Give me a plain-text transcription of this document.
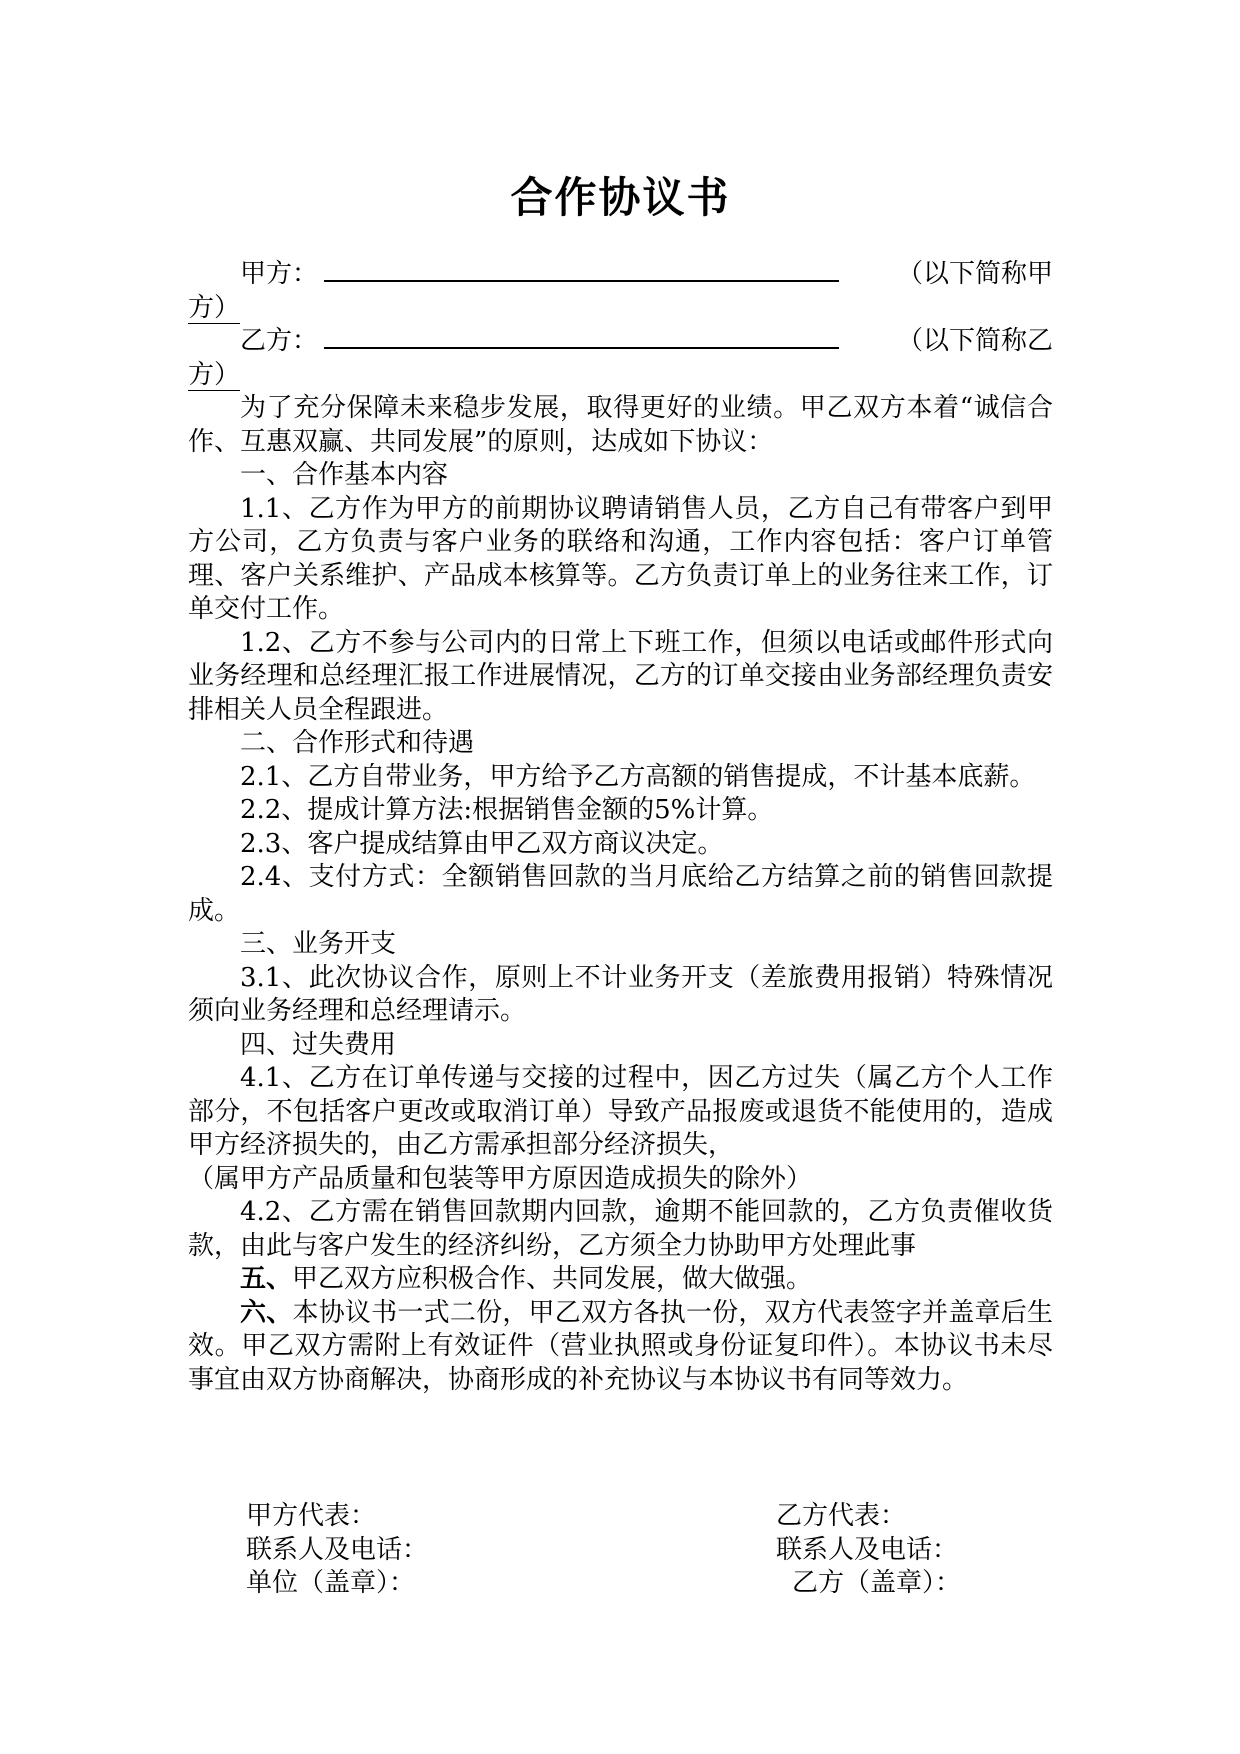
合作协议书
甲方：	（以下简称甲
方）
乙方：	（以下简称乙
方）

为了充分保障未来稳步发展，取得更好的业绩。甲乙双方本着“诚信合作、互惠双赢、共同发展”的原则，达成如下协议：

一、合作基本内容

1.1、乙方作为甲方的前期协议聘请销售人员，乙方自己有带客户到甲方公司，乙方负责与客户业务的联络和沟通，工作内容包括：客户订单管理、客户关系维护、产品成本核算等。乙方负责订单上的业务往来工作，订单交付工作。

1.2、乙方不参与公司内的日常上下班工作，但须以电话或邮件形式向业务经理和总经理汇报工作进展情况，乙方的订单交接由业务部经理负责安排相关人员全程跟进。

二、合作形式和待遇

2.1、乙方自带业务，甲方给予乙方高额的销售提成，不计基本底薪。

2.2、提成计算方法:根据销售金额的5%计算。

2.3、客户提成结算由甲乙双方商议决定。

2.4、支付方式：全额销售回款的当月底给乙方结算之前的销售回款提成。

三、业务开支

3.1、此次协议合作，原则上不计业务开支（差旅费用报销）特殊情况须向业务经理和总经理请示。

四、过失费用

4.1、乙方在订单传递与交接的过程中，因乙方过失（属乙方个人工作部分，不包括客户更改或取消订单）导致产品报废或退货不能使用的，造成甲方经济损失的，由乙方需承担部分经济损失，

（属甲方产品质量和包装等甲方原因造成损失的除外）

4.2、乙方需在销售回款期内回款，逾期不能回款的，乙方负责催收货款，由此与客户发生的经济纠纷，乙方须全力协助甲方处理此事

五、甲乙双方应积极合作、共同发展，做大做强。

六、本协议书一式二份，甲乙双方各执一份，双方代表签字并盖章后生效。甲乙双方需附上有效证件（营业执照或身份证复印件）。本协议书未尽事宜由双方协商解决，协商形成的补充协议与本协议书有同等效力。

甲方代表：
联系人及电话：
单位（盖章）：
乙方代表：
联系人及电话：
乙方（盖章）：
